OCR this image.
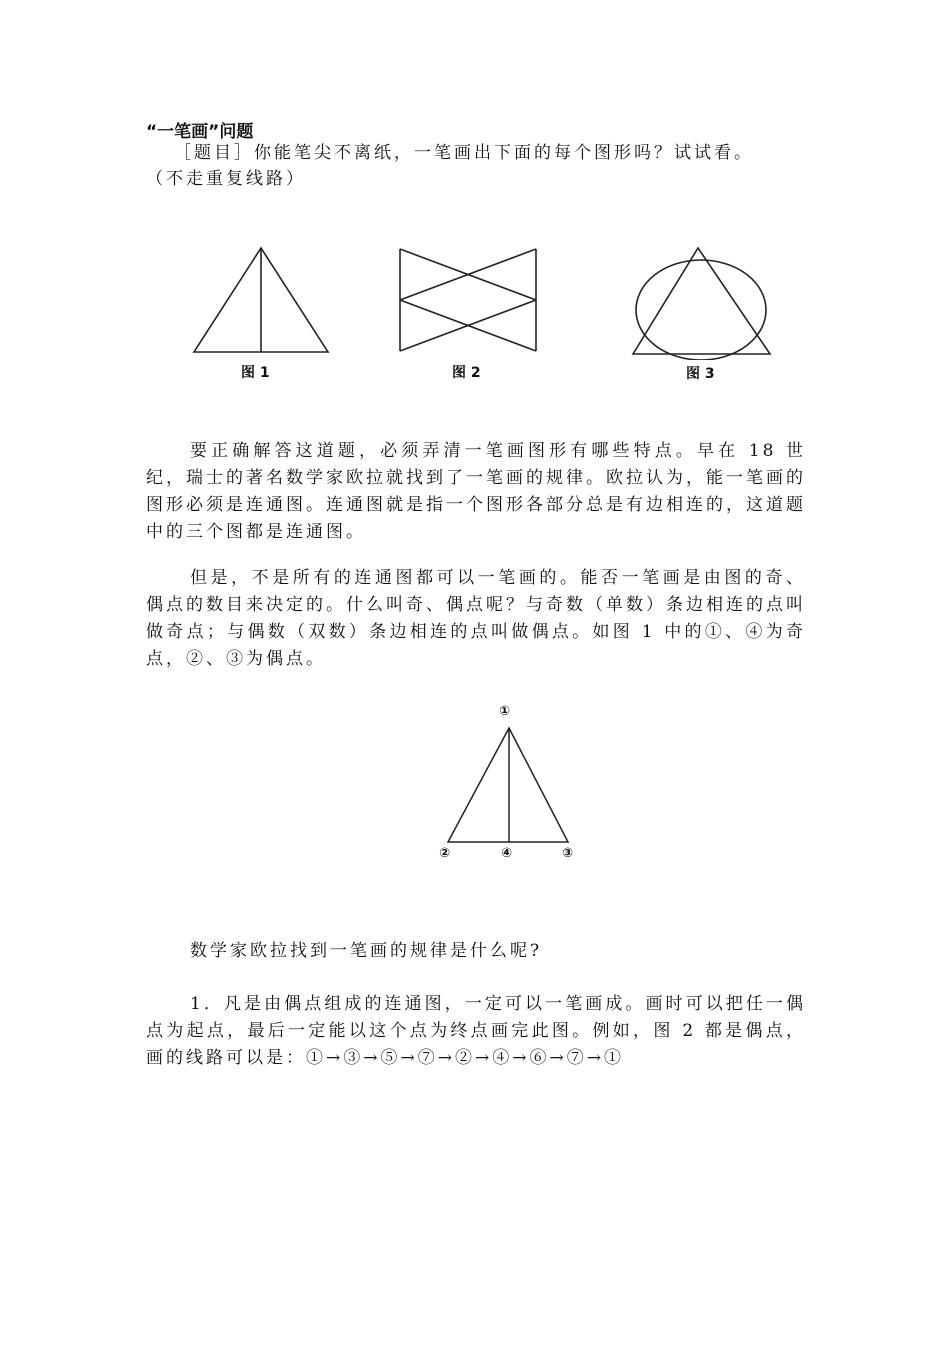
“一笔画”问题

［题目］你能笔尖不离纸，一笔画出下面的每个图形吗？试试看。

（不走重复线路）

图 1	图 2	图 3

要正确解答这道题，必须弄清一笔画图形有哪些特点。早在 18 世纪，瑞士的著名数学家欧拉就找到了一笔画的规律。欧拉认为，能一笔画的图形必须是连通图。连通图就是指一个图形各部分总是有边相连的，这道题中的三个图都是连通图。

但是，不是所有的连通图都可以一笔画的。能否一笔画是由图的奇、偶点的数目来决定的。什么叫奇、偶点呢？与奇数（单数）条边相连的点叫做奇点；与偶数（双数）条边相连的点叫做偶点。如图 1 中的①、④为奇点，②、③为偶点。

①
②	④	③

数学家欧拉找到一笔画的规律是什么呢?

1．凡是由偶点组成的连通图，一定可以一笔画成。画时可以把任一偶点为起点，最后一定能以这个点为终点画完此图。例如，图 2 都是偶点，画的线路可以是：①→③→⑤→⑦→②→④→⑥→⑦→①
